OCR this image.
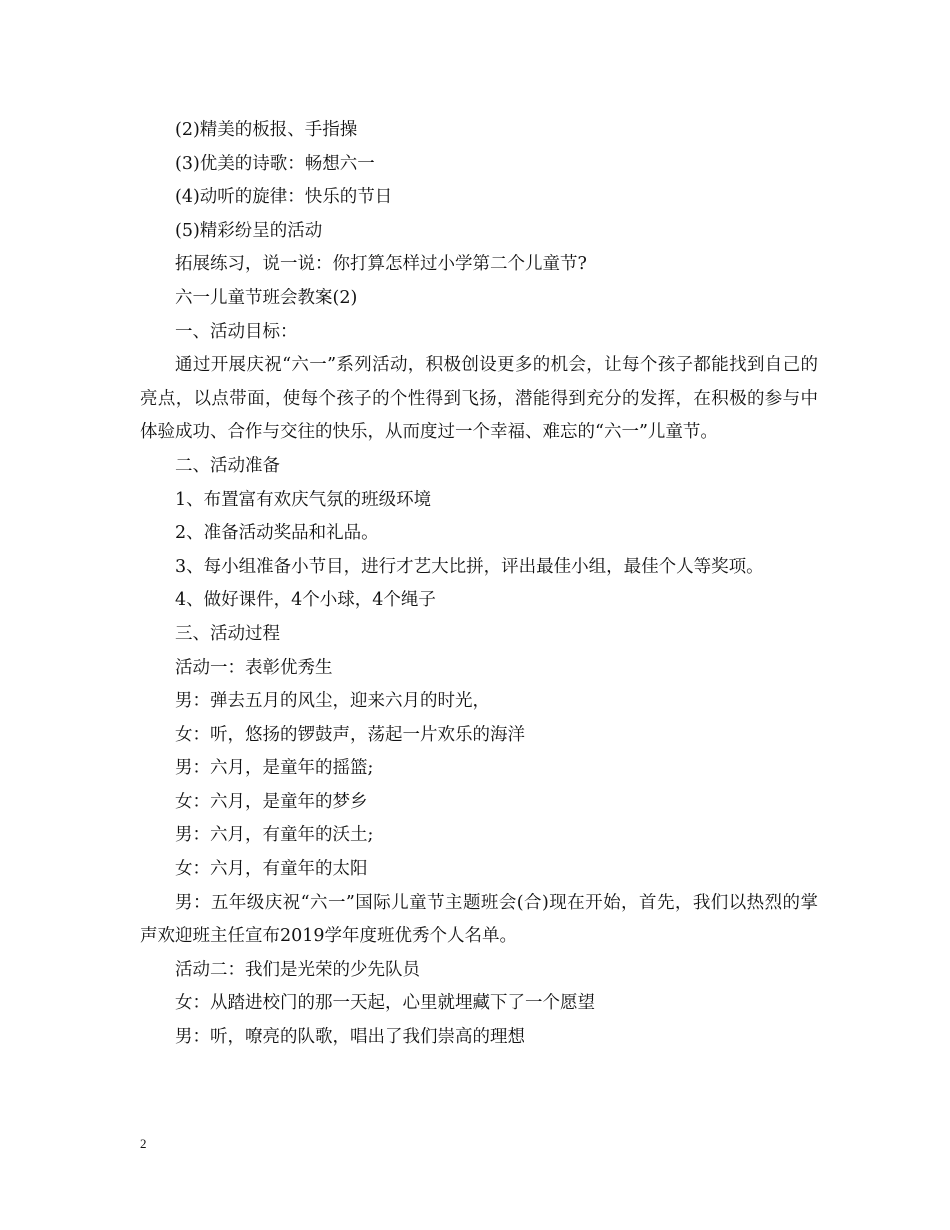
(2)精美的板报、手指操

(3)优美的诗歌：畅想六一

(4)动听的旋律：快乐的节日

(5)精彩纷呈的活动

拓展练习，说一说：你打算怎样过小学第二个儿童节?

六一儿童节班会教案(2)

一、活动目标：

通过开展庆祝“六一”系列活动，积极创设更多的机会，让每个孩子都能找到自己的亮点，以点带面，使每个孩子的个性得到飞扬，潜能得到充分的发挥，在积极的参与中体验成功、合作与交往的快乐，从而度过一个幸福、难忘的“六一”儿童节。

二、活动准备

1、布置富有欢庆气氛的班级环境

2、准备活动奖品和礼品。

3、每小组准备小节目，进行才艺大比拼，评出最佳小组，最佳个人等奖项。

4、做好课件，4个小球，4个绳子

三、活动过程

活动一：表彰优秀生

男：弹去五月的风尘，迎来六月的时光，

女：听，悠扬的锣鼓声，荡起一片欢乐的海洋

男：六月，是童年的摇篮;

女：六月，是童年的梦乡

男：六月，有童年的沃土;

女：六月，有童年的太阳

男：五年级庆祝“六一”国际儿童节主题班会(合)现在开始，首先，我们以热烈的掌声欢迎班主任宣布2019学年度班优秀个人名单。

活动二：我们是光荣的少先队员

女：从踏进校门的那一天起，心里就埋藏下了一个愿望

男：听，嘹亮的队歌，唱出了我们崇高的理想

2
